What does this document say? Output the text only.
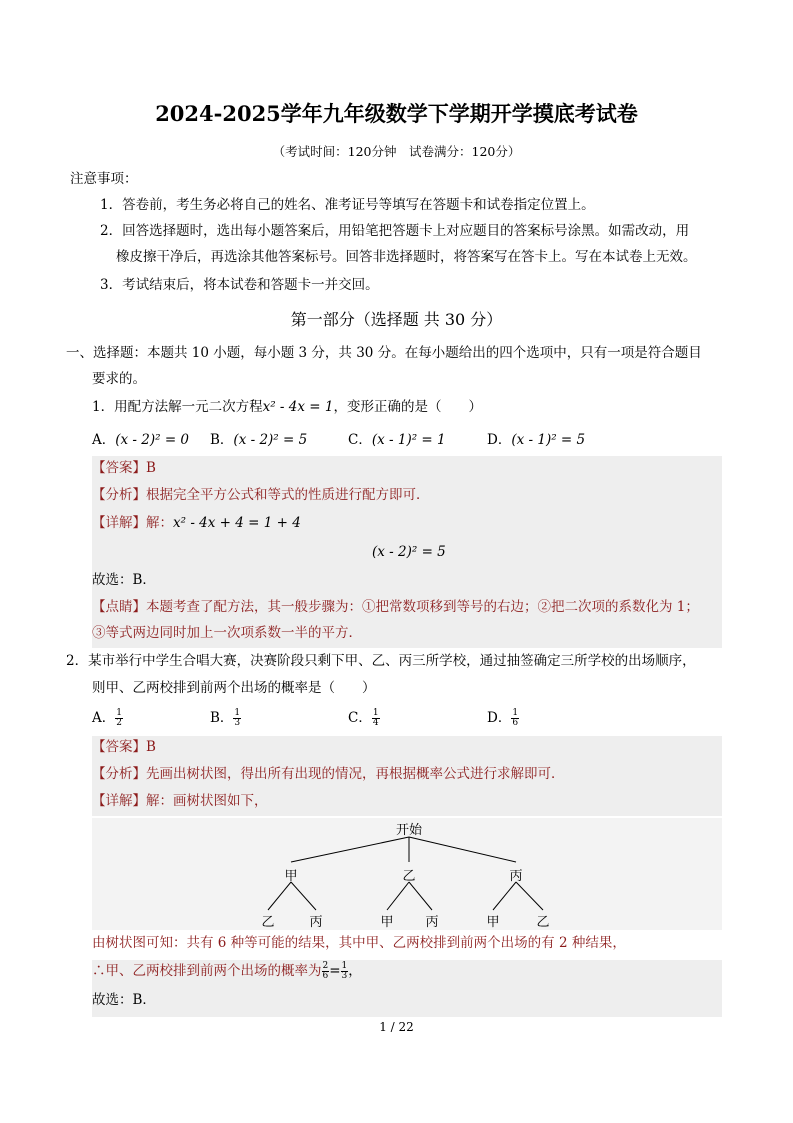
2024-2025学年九年级数学下学期开学摸底考试卷
（考试时间：120分钟　试卷满分：120分）
注意事项：
1．答卷前，考生务必将自己的姓名、准考证号等填写在答题卡和试卷指定位置上。
2．回答选择题时，选出每小题答案后，用铅笔把答题卡上对应题目的答案标号涂黑。如需改动，用
橡皮擦干净后，再选涂其他答案标号。回答非选择题时，将答案写在答卡上。写在本试卷上无效。
3．考试结束后，将本试卷和答题卡一并交回。
第一部分（选择题 共 30 分）
一、选择题：本题共 10 小题，每小题 3 分，共 30 分。在每小题给出的四个选项中，只有一项是符合题目
要求的。
1．用配方法解一元二次方程x² - 4x = 1，变形正确的是（　　）
A．(x - 2)² = 0 B．(x - 2)² = 5	C．(x - 1)² = 1	D．(x - 1)² = 5
【答案】B
【分析】根据完全平方公式和等式的性质进行配方即可．
【详解】解：x² - 4x + 4 = 1 + 4
(x - 2)² = 5
故选：B．
【点睛】本题考查了配方法，其一般步骤为：①把常数项移到等号的右边；②把二次项的系数化为 1；
③等式两边同时加上一次项系数一半的平方．
2．某市举行中学生合唱大赛，决赛阶段只剩下甲、乙、丙三所学校，通过抽签确定三所学校的出场顺序，
则甲、乙两校排到前两个出场的概率是（　　）
A． $\frac{1}{2}$	B． $\frac{1}{3}$	C． $\frac{1}{4}$	D． $\frac{1}{6}$
【答案】B
【分析】先画出树状图，得出所有出现的情况，再根据概率公式进行求解即可．
【详解】解：画树状图如下，
开始
甲	乙	丙
乙	丙	甲 丙	甲	乙
由树状图可知：共有 6 种等可能的结果，其中甲、乙两校排到前两个出场的有 2 种结果，
∴甲、乙两校排到前两个出场的概率为 $\frac{2}{6} = \frac{1}{3}$ ，
故选：B．
1 / 22
